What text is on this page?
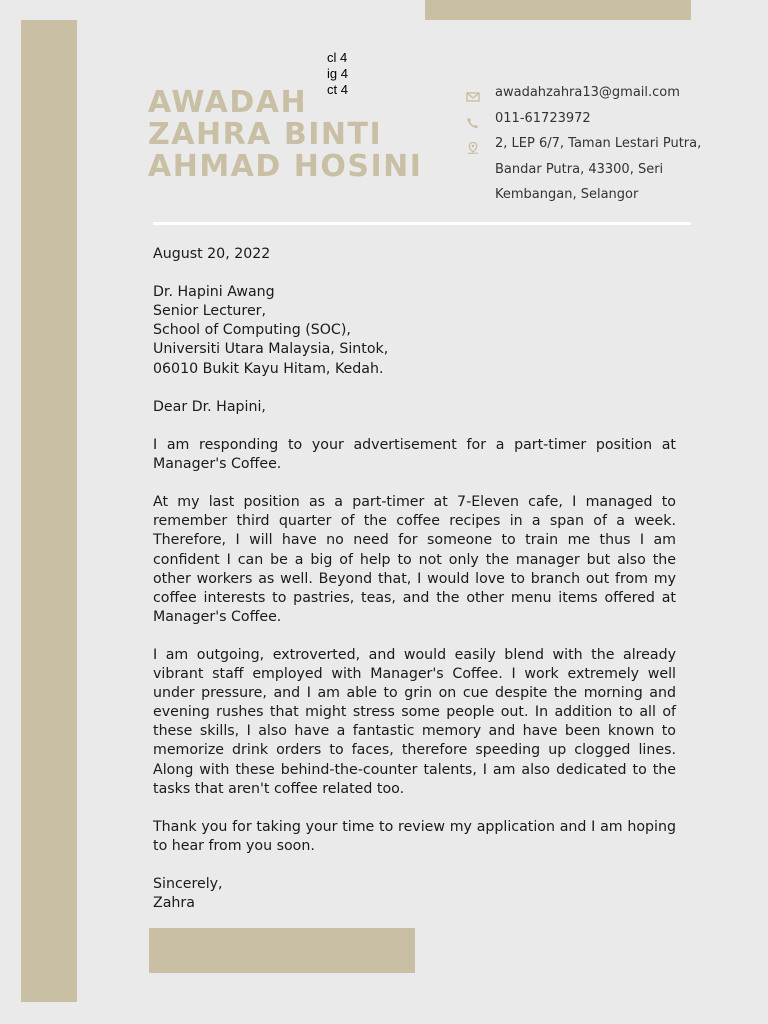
cl 4
ig 4
ct 4
AWADAH
ZAHRA BINTI
AHMAD HOSINI
awadahzahra13@gmail.com
011-61723972
2, LEP 6/7, Taman Lestari Putra,
Bandar Putra, 43300, Seri
Kembangan, Selangor

August 20, 2022

Dr. Hapini Awang
Senior Lecturer,
School of Computing (SOC),
Universiti Utara Malaysia, Sintok,
06010 Bukit Kayu Hitam, Kedah.

Dear Dr. Hapini,

I am responding to your advertisement for a part-timer position at Manager's Coffee.

At my last position as a part-timer at 7-Eleven cafe, I managed to remember third quarter of the coffee recipes in a span of a week. Therefore, I will have no need for someone to train me thus I am confident I can be a big of help to not only the manager but also the other workers as well. Beyond that, I would love to branch out from my coffee interests to pastries, teas, and the other menu items offered at Manager's Coffee.

I am outgoing, extroverted, and would easily blend with the already vibrant staff employed with Manager's Coffee. I work extremely well under pressure, and I am able to grin on cue despite the morning and evening rushes that might stress some people out. In addition to all of these skills, I also have a fantastic memory and have been known to memorize drink orders to faces, therefore speeding up clogged lines. Along with these behind-the-counter talents, I am also dedicated to the tasks that aren't coffee related too.

Thank you for taking your time to review my application and I am hoping to hear from you soon.

Sincerely,
Zahra
